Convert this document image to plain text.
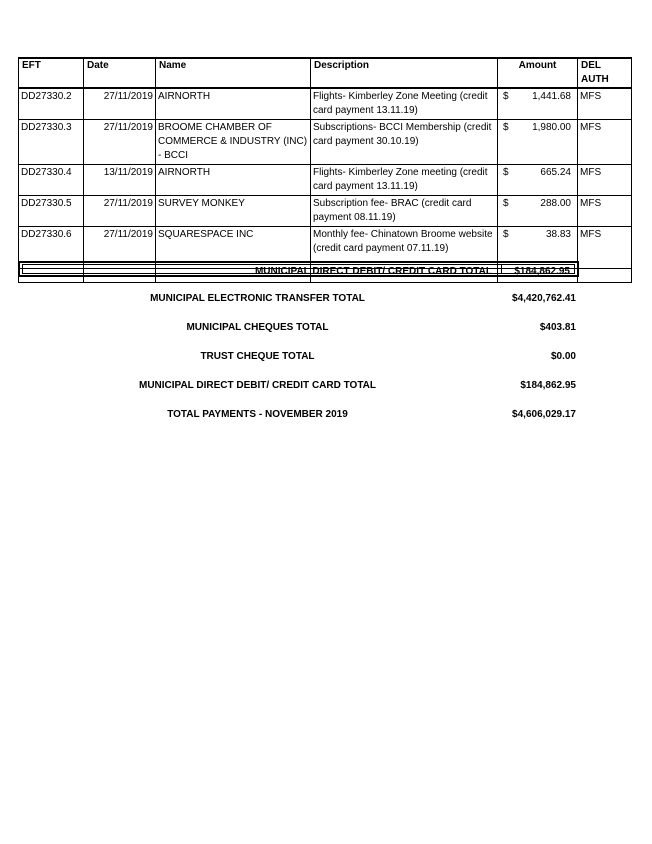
EFT	Date	Name	Description	Amount	DEL AUTH
DD27330.2	27/11/2019	AIRNORTH	Flights- Kimberley Zone Meeting (credit card payment 13.11.19)	$ 1,441.68	MFS
DD27330.3	27/11/2019	BROOME CHAMBER OF COMMERCE & INDUSTRY (INC) - BCCI	Subscriptions- BCCI Membership (credit card payment 30.10.19)	$ 1,980.00	MFS
DD27330.4	13/11/2019	AIRNORTH	Flights- Kimberley Zone meeting (credit card payment 13.11.19)	$ 665.24	MFS
DD27330.5	27/11/2019	SURVEY MONKEY	Subscription fee- BRAC (credit card payment 08.11.19)	$ 288.00	MFS
DD27330.6	27/11/2019	SQUARESPACE INC	Monthly fee- Chinatown Broome website (credit card payment 07.11.19)	$ 38.83	MFS

MUNICIPAL DIRECT DEBIT/ CREDIT CARD TOTAL $184,862.95
MUNICIPAL ELECTRONIC TRANSFER TOTAL	$4,420,762.41
MUNICIPAL CHEQUES TOTAL	$403.81
TRUST CHEQUE TOTAL	$0.00
MUNICIPAL DIRECT DEBIT/ CREDIT CARD TOTAL	$184,862.95
TOTAL PAYMENTS - NOVEMBER 2019	$4,606,029.17
